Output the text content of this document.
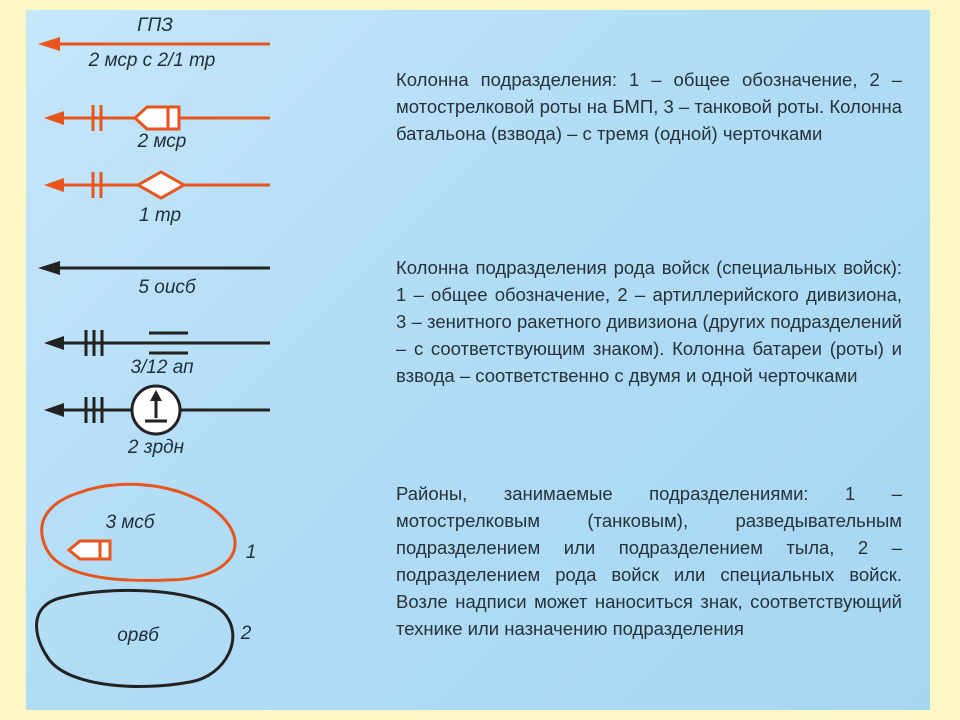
ГПЗ
2 мср с 2/1 тр
2 мср
1 тр
5 оисб
3/12 ап
2 зрдн
3 мсб
1
орвб	2

Колонна подразделения: 1 – общее обозначение, 2 – мотострелковой роты на БМП, 3 – танковой роты. Колонна батальона (взвода) – с тремя (одной) черточками

Колонна подразделения рода войск (специальных войск): 1 – общее обозначение, 2 – артиллерийского дивизиона, 3 – зенитного ракетного дивизиона (других подразделений – с соответствующим знаком). Колонна батареи (роты) и взвода – соответственно с двумя и одной черточками

Районы, занимаемые подразделениями: 1 – мотострелковым (танковым), разведывательным подразделением или подразделением тыла, 2 – подразделением рода войск или специальных войск. Возле надписи может наноситься знак, соответствующий технике или назначению подразделения
